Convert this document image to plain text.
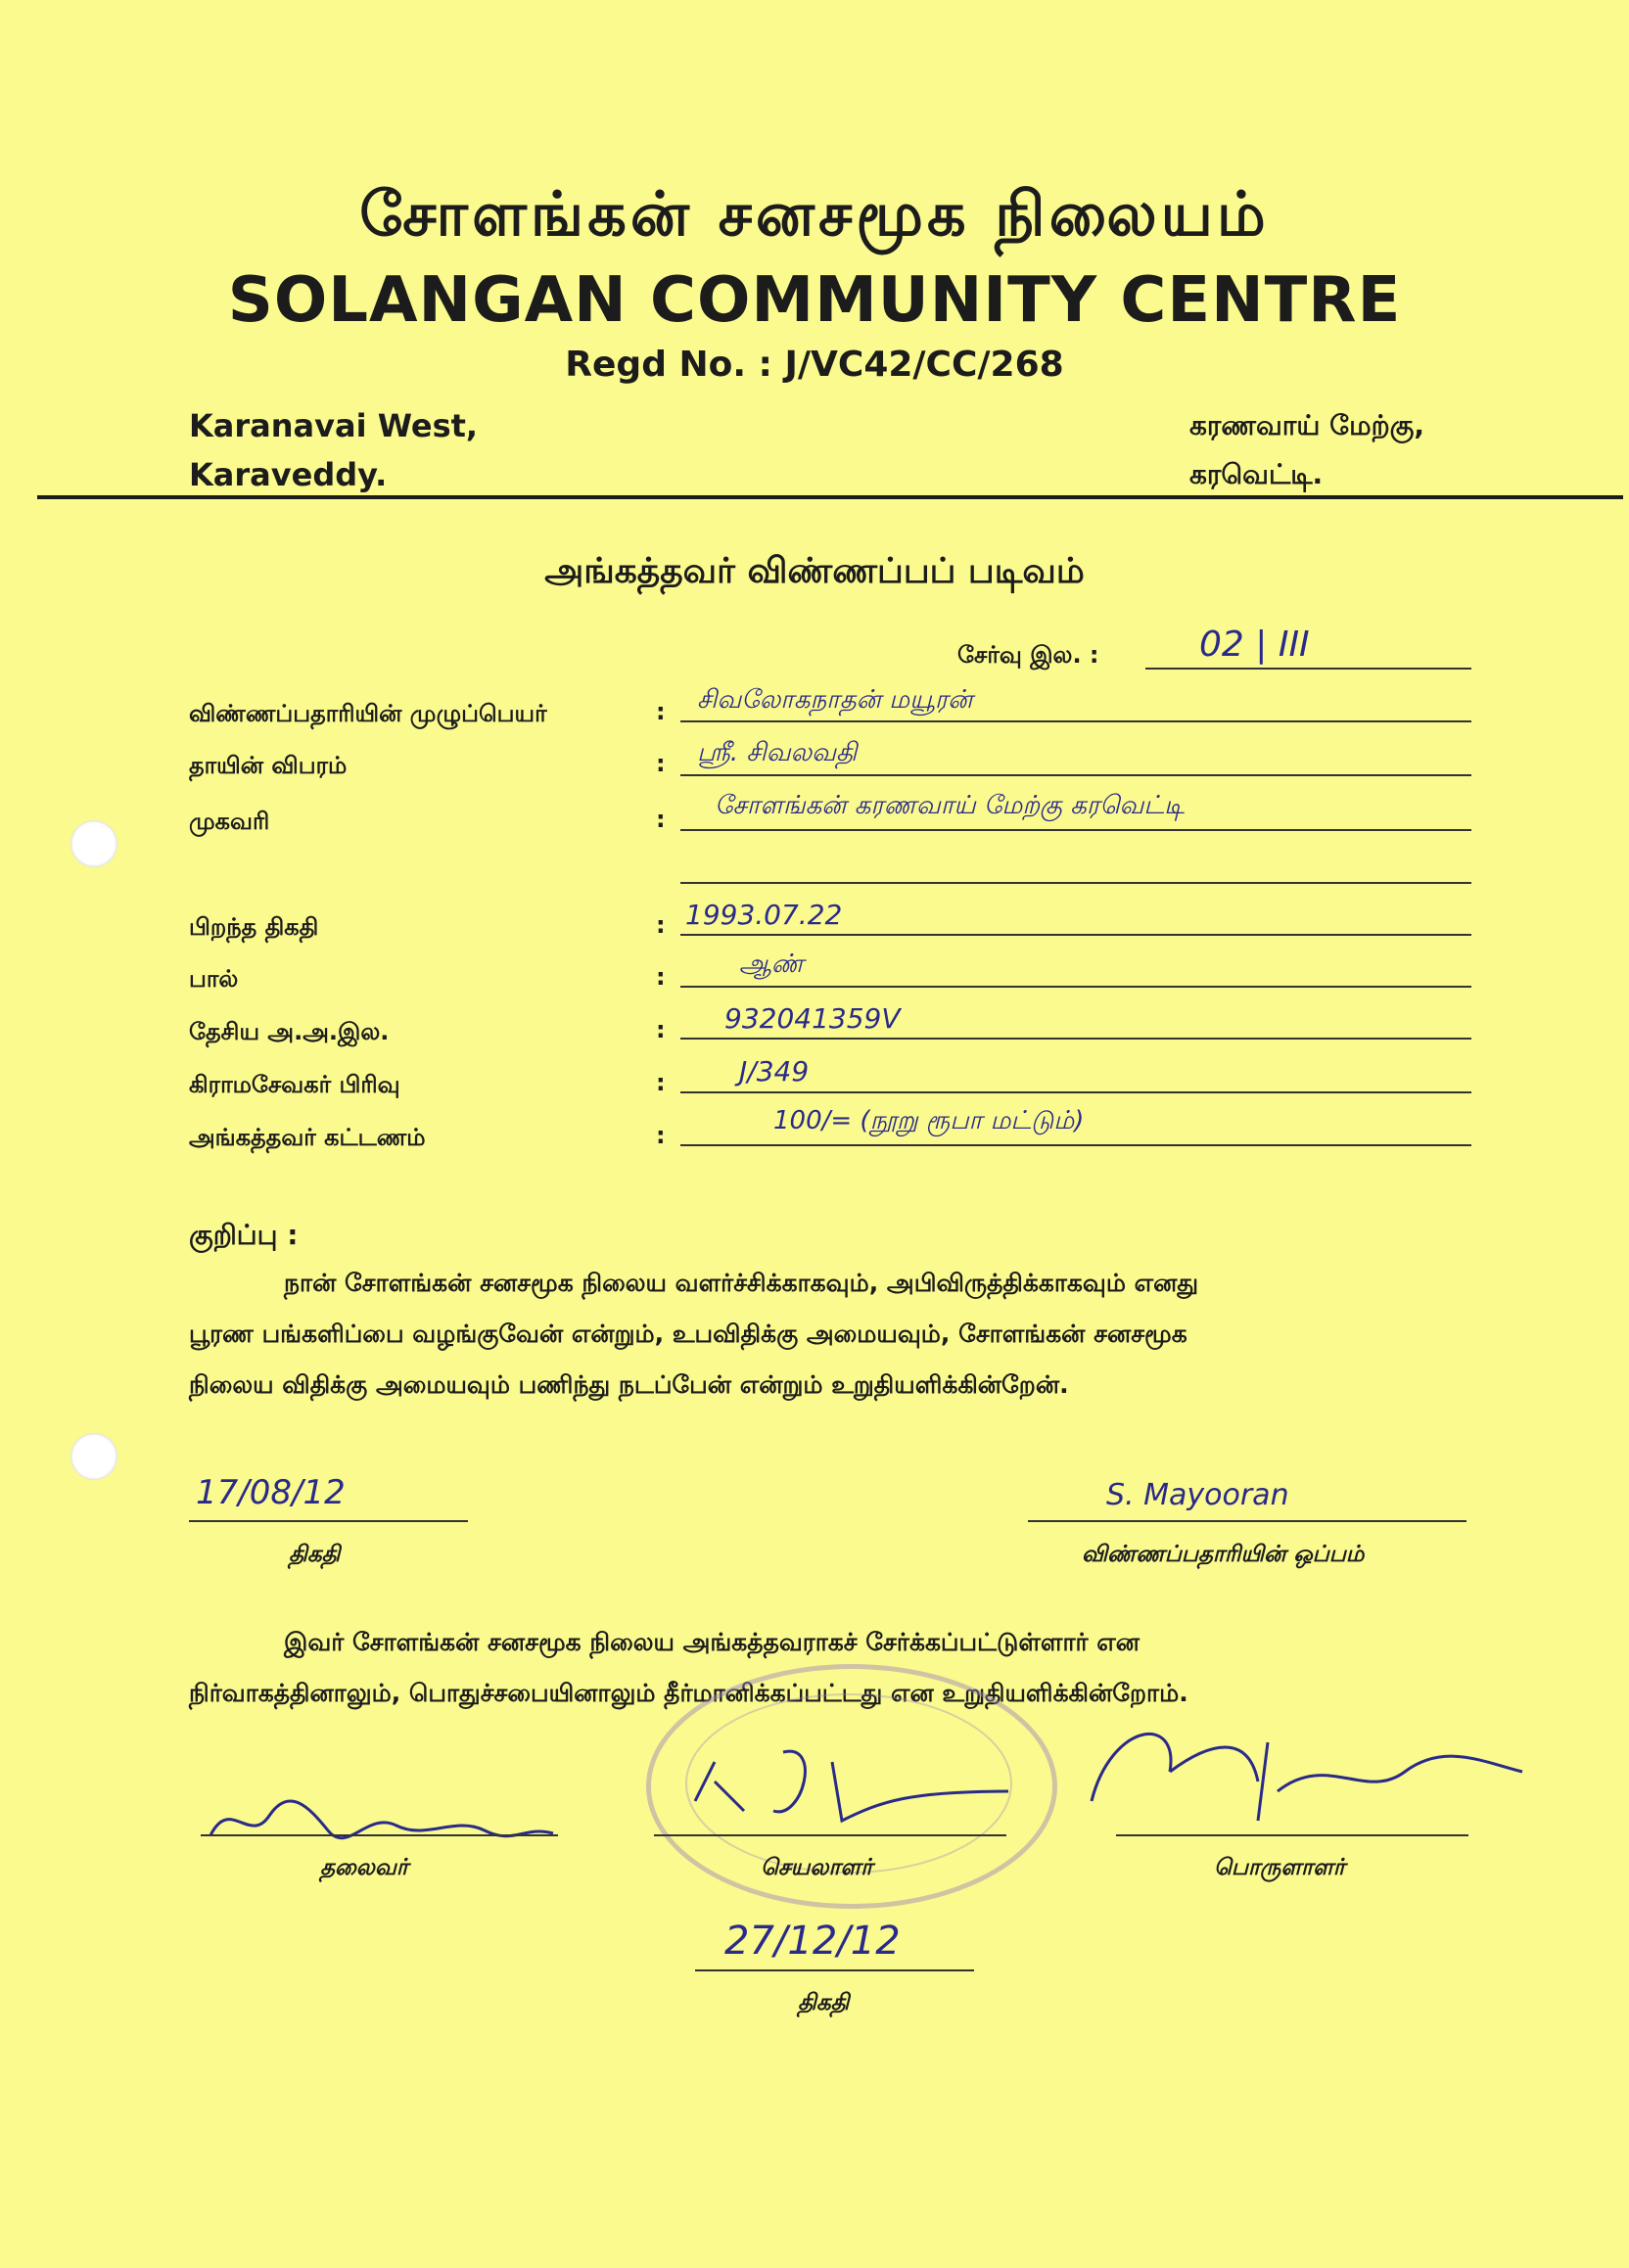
சோளங்கன் சனசமூக நிலையம்
SOLANGAN COMMUNITY CENTRE
Regd No. : J/VC42/CC/268
Karanavai West,
Karaveddy.
கரணவாய் மேற்கு,
கரவெட்டி.
அங்கத்தவர் விண்ணப்பப் படிவம்
சேர்வு இல. :	02 | III
விண்ணப்பதாரியின் முழுப்பெயர்	: சிவலோகநாதன் மயூரன்
தாயின் விபரம்	: ஸ்ரீ. சிவலவதி
முகவரி	: சோளங்கன் கரணவாய் மேற்கு கரவெட்டி
பிறந்த திகதி	: 1993.07.22
பால்	:	ஆண்
தேசிய அ.அ.இல.	: 932041359V
கிராமசேவகர் பிரிவு	:	J/349
அங்கத்தவர் கட்டணம்	:	100/= (நூறு ரூபா மட்டும்)
குறிப்பு :
நான் சோளங்கன் சனசமூக நிலைய வளர்ச்சிக்காகவும், அபிவிருத்திக்காகவும் எனது
பூரண பங்களிப்பை வழங்குவேன் என்றும், உபவிதிக்கு அமையவும், சோளங்கன் சனசமூக
நிலைய விதிக்கு அமையவும் பணிந்து நடப்பேன் என்றும் உறுதியளிக்கின்றேன்.
17/08/12
திகதி
S. Mayooran
விண்ணப்பதாரியின் ஒப்பம்
இவர் சோளங்கன் சனசமூக நிலைய அங்கத்தவராகச் சேர்க்கப்பட்டுள்ளார் என
நிர்வாகத்தினாலும், பொதுச்சபையினாலும் தீர்மானிக்கப்பட்டது என உறுதியளிக்கின்றோம்.
தலைவர்	செயலாளர்	பொருளாளர்
27/12/12
திகதி
